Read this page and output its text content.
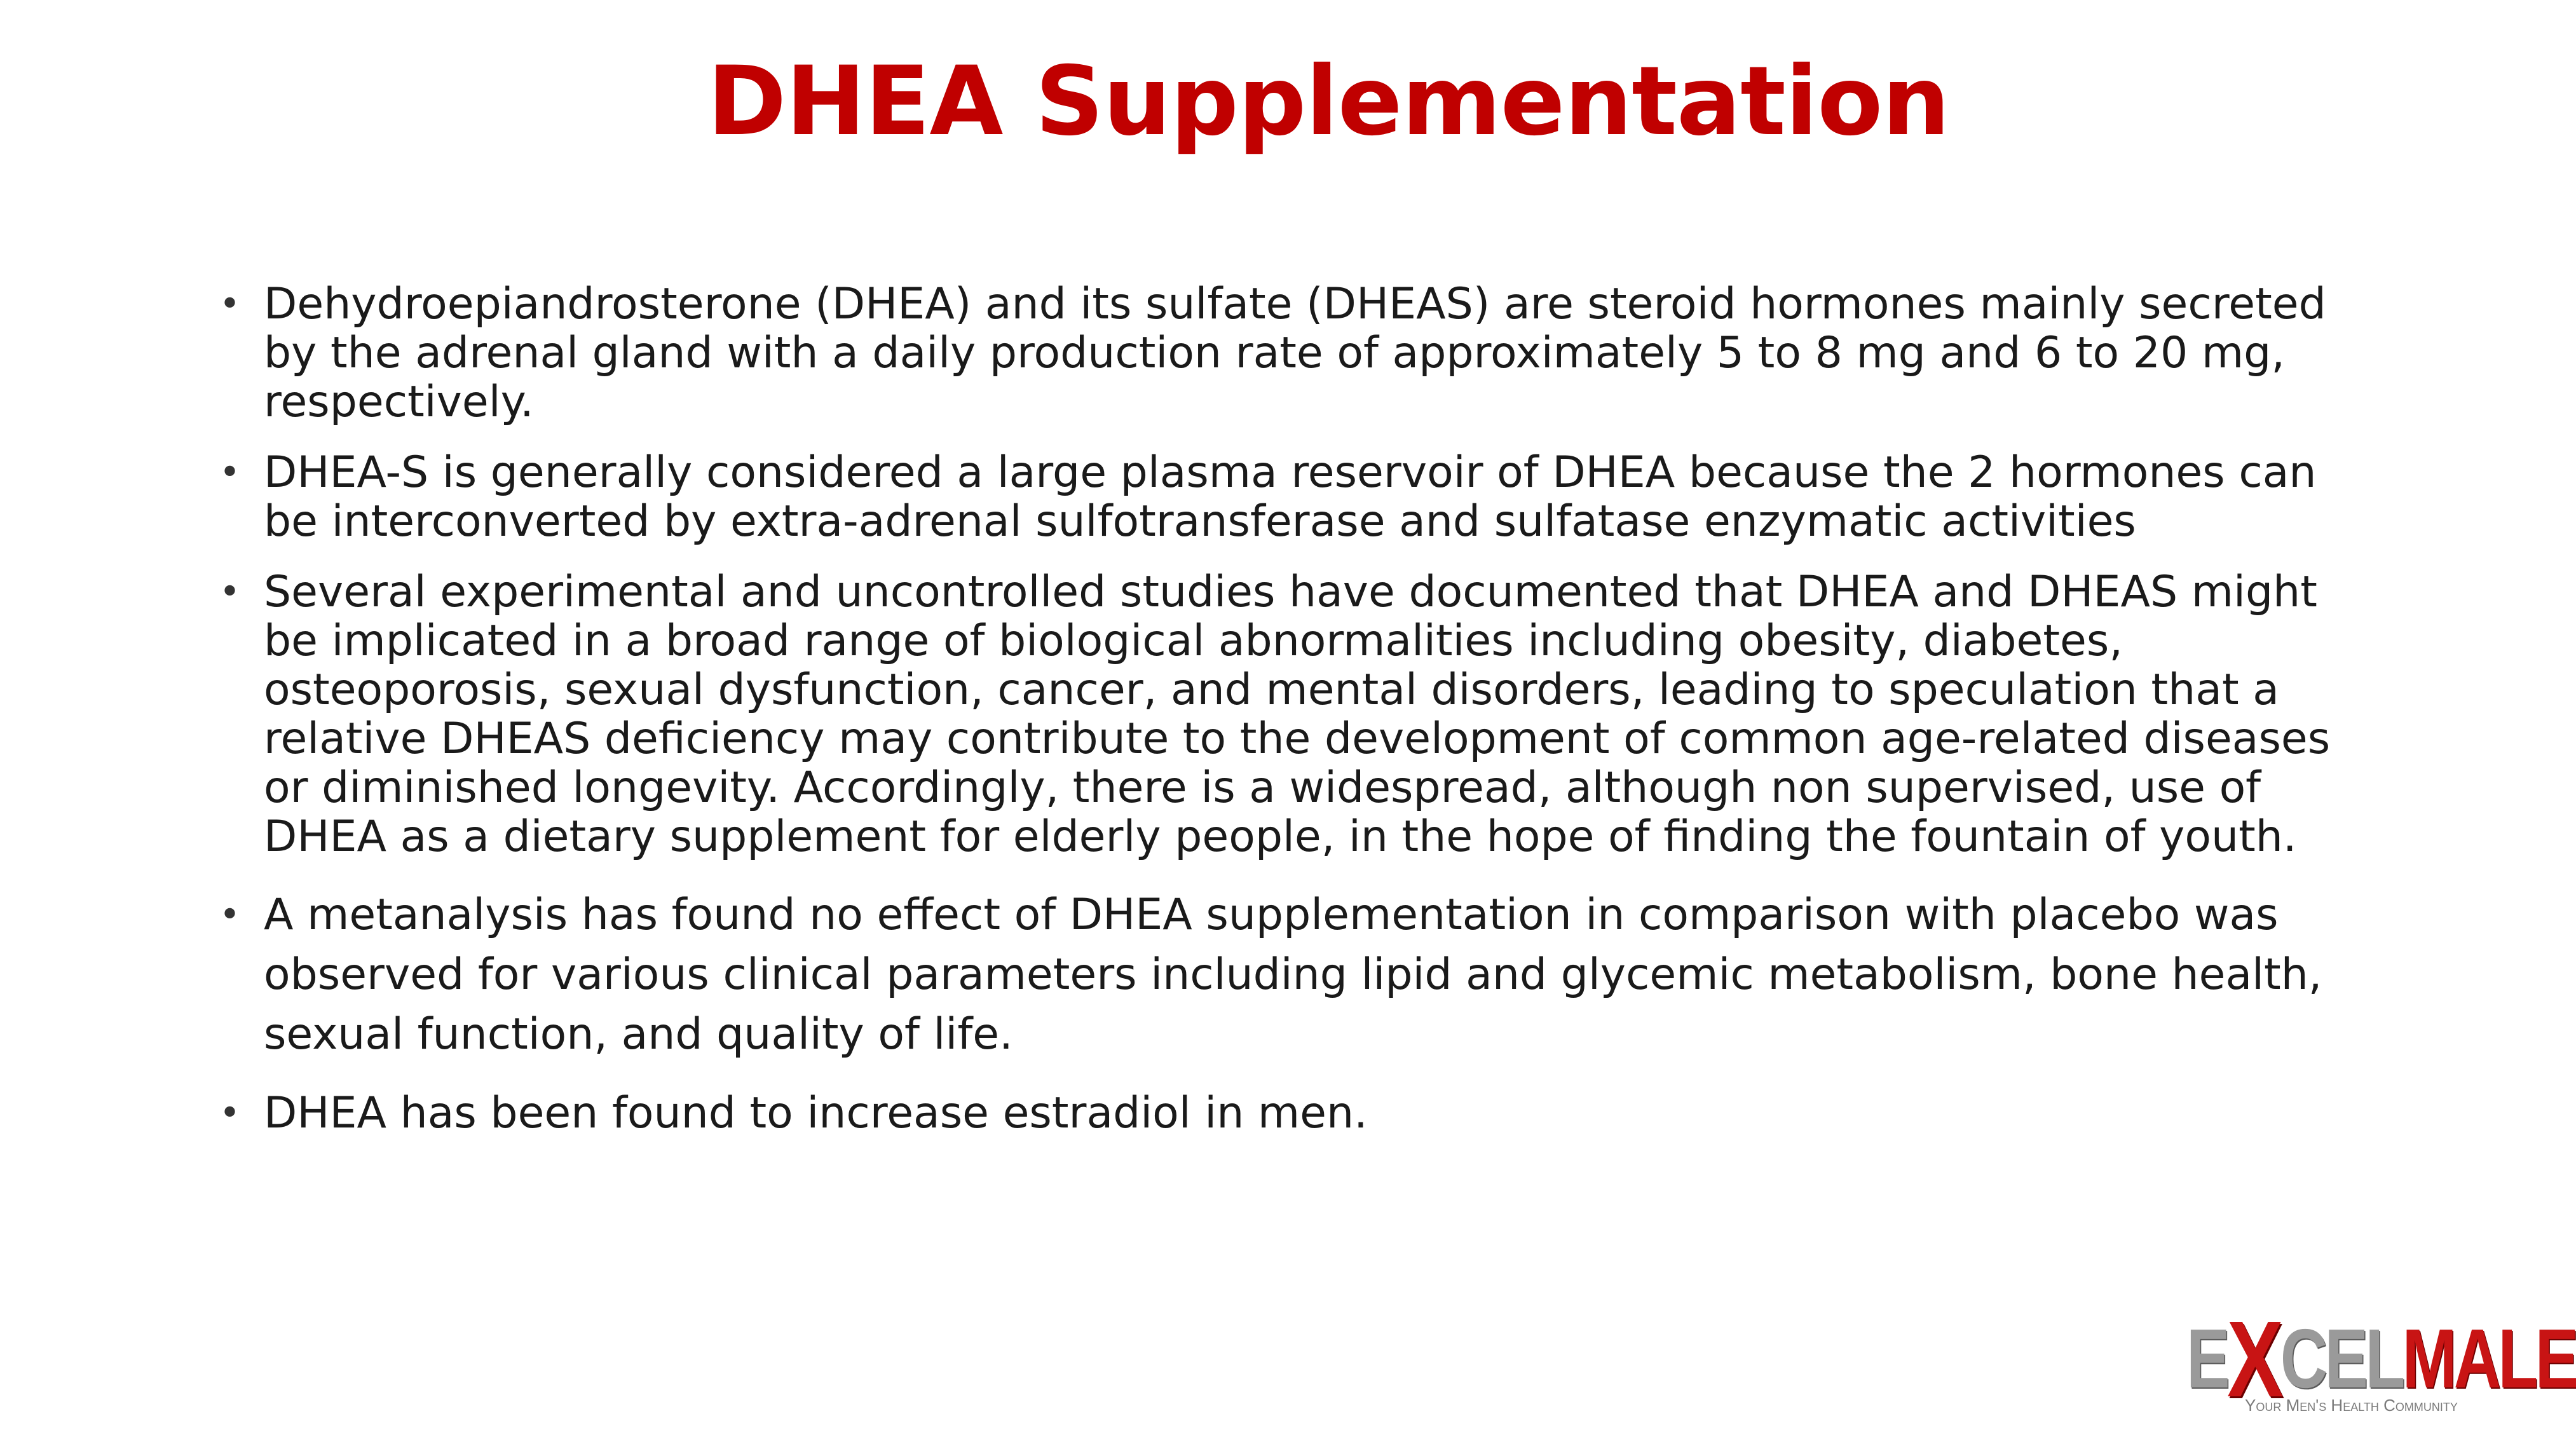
DHEA Supplementation
• Dehydroepiandrosterone (DHEA) and its sulfate (DHEAS) are steroid hormones mainly secreted by the adrenal gland with a daily production rate of approximately 5 to 8 mg and 6 to 20 mg, respectively.
• DHEA-S is generally considered a large plasma reservoir of DHEA because the 2 hormones can be interconverted by extra-adrenal sulfotransferase and sulfatase enzymatic activities
• Several experimental and uncontrolled studies have documented that DHEA and DHEAS might be implicated in a broad range of biological abnormalities including obesity, diabetes, osteoporosis, sexual dysfunction, cancer, and mental disorders, leading to speculation that a relative DHEAS deficiency may contribute to the development of common age-related diseases or diminished longevity. Accordingly, there is a widespread, although non supervised, use of DHEA as a dietary supplement for elderly people, in the hope of finding the fountain of youth.
• A metanalysis has found no effect of DHEA supplementation in comparison with placebo was observed for various clinical parameters including lipid and glycemic metabolism, bone health, sexual function, and quality of life.
• DHEA has been found to increase estradiol in men.
EXCELMALE
Your Men's Health Community
